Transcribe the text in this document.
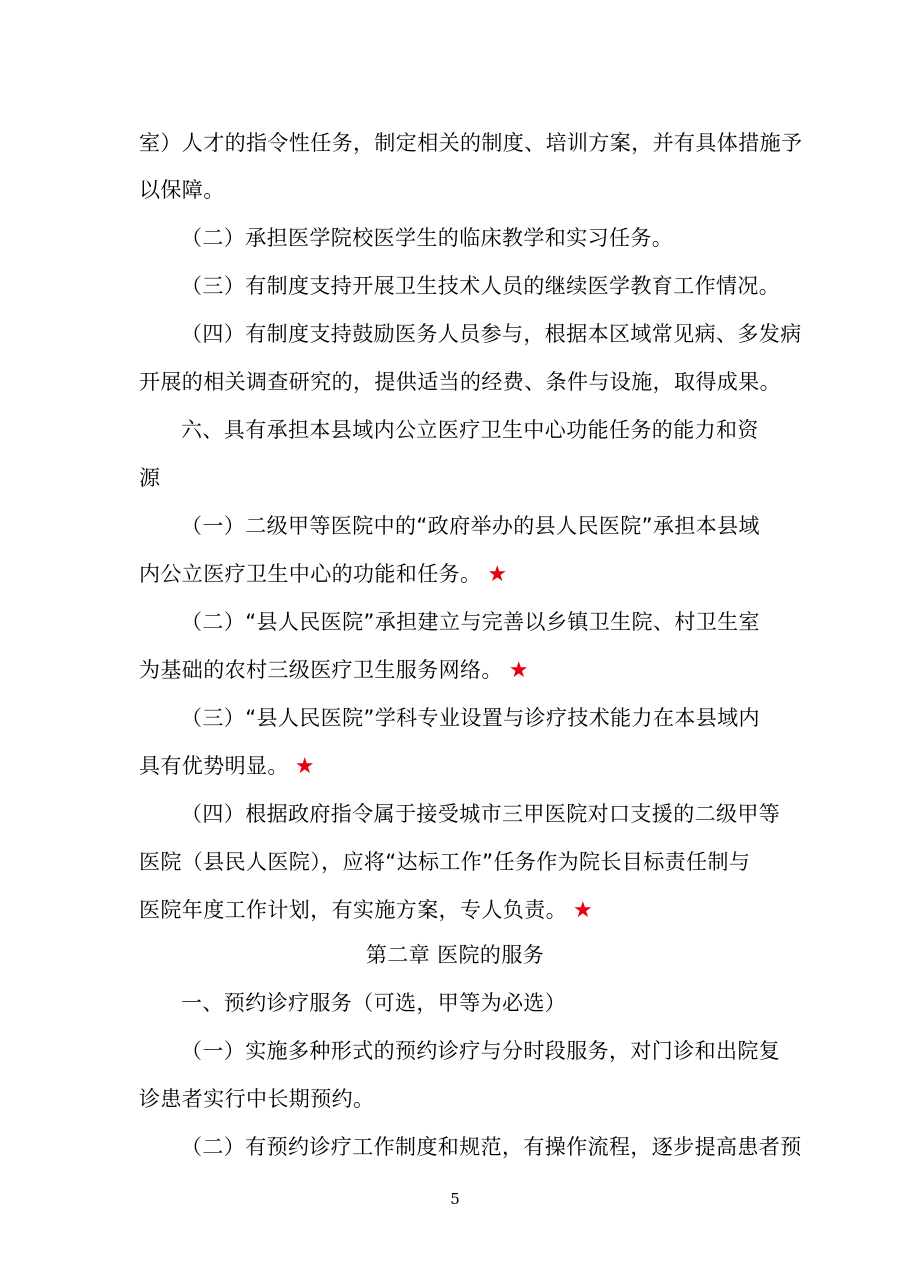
室）人才的指令性任务，制定相关的制度、培训方案，并有具体措施予
以保障。
（二）承担医学院校医学生的临床教学和实习任务。
（三）有制度支持开展卫生技术人员的继续医学教育工作情况。
（四）有制度支持鼓励医务人员参与，根据本区域常见病、多发病
开展的相关调查研究的，提供适当的经费、条件与设施，取得成果。
六、具有承担本县域内公立医疗卫生中心功能任务的能力和资
源
（一）二级甲等医院中的“政府举办的县人民医院”承担本县域
内公立医疗卫生中心的功能和任务。 ★
（二）“县人民医院”承担建立与完善以乡镇卫生院、村卫生室
为基础的农村三级医疗卫生服务网络。 ★
（三）“县人民医院”学科专业设置与诊疗技术能力在本县域内
具有优势明显。 ★
（四）根据政府指令属于接受城市三甲医院对口支援的二级甲等
医院（县民人医院），应将“达标工作”任务作为院长目标责任制与
医院年度工作计划，有实施方案，专人负责。 ★
第二章 医院的服务
一、预约诊疗服务（可选，甲等为必选）
（一）实施多种形式的预约诊疗与分时段服务，对门诊和出院复
诊患者实行中长期预约。
（二）有预约诊疗工作制度和规范，有操作流程，逐步提高患者预
5
